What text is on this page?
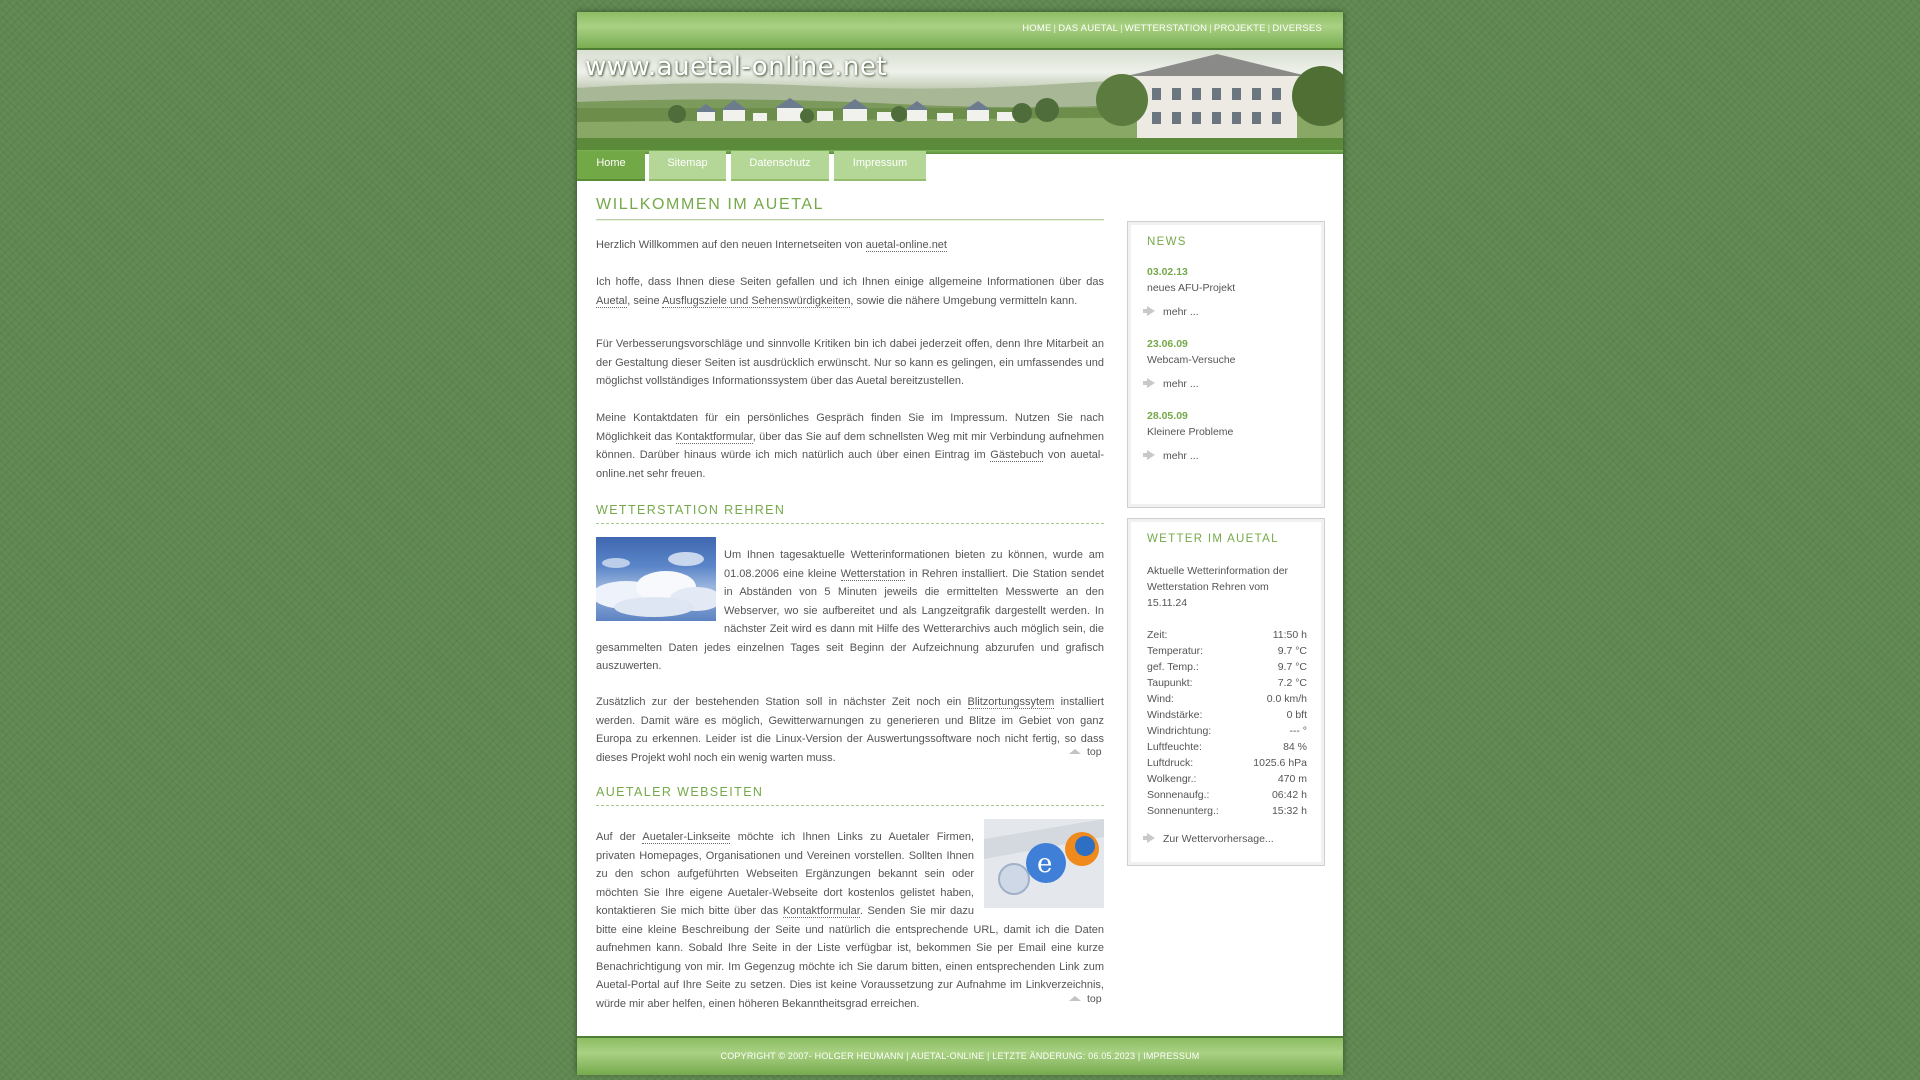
HOME | DAS AUETAL | WETTERSTATION | PROJEKTE | DIVERSES
www.auetal-online.net
Home	Sitemap	Datenschutz	Impressum
WILLKOMMEN IM AUETAL

Herzlich Willkommen auf den neuen Internetseiten von auetal-online.net

Ich hoffe, dass Ihnen diese Seiten gefallen und ich Ihnen einige allgemeine Informationen über das Auetal, seine Ausflugsziele und Sehenswürdigkeiten, sowie die nähere Umgebung vermitteln kann.

Für Verbesserungsvorschläge und sinnvolle Kritiken bin ich dabei jederzeit offen, denn Ihre Mitarbeit an der Gestaltung dieser Seiten ist ausdrücklich erwünscht. Nur so kann es gelingen, ein umfassendes und möglichst vollständiges Informationssystem über das Auetal bereitzustellen.

Meine Kontaktdaten für ein persönliches Gespräch finden Sie im Impressum. Nutzen Sie nach Möglichkeit das Kontaktformular, über das Sie auf dem schnellsten Weg mit mir Verbindung aufnehmen können. Darüber hinaus würde ich mich natürlich auch über einen Eintrag im Gästebuch von auetal-online.net sehr freuen.

WETTERSTATION REHREN

Um Ihnen tagesaktuelle Wetterinformationen bieten zu können, wurde am 01.08.2006 eine kleine Wetterstation in Rehren installiert. Die Station sendet in Abständen von 5 Minuten jeweils die ermittelten Messwerte an den Webserver, wo sie aufbereitet und als Langzeitgrafik dargestellt werden. In nächster Zeit wird es dann mit Hilfe des Wetterarchivs auch möglich sein, die gesammelten Daten jedes einzelnen Tages seit Beginn der Aufzeichnung abzurufen und grafisch auszuwerten.

Zusätzlich zur der bestehenden Station soll in nächster Zeit noch ein Blitzortungssytem installiert werden. Damit wäre es möglich, Gewitterwarnungen zu generieren und Blitze im Gebiet von ganz Europa zu erkennen. Leider ist die Linux-Version der Auswertungssoftware noch nicht fertig, so dass dieses Projekt wohl noch ein wenig warten muss.	top
AUETALER WEBSEITEN
e

Auf der Auetaler-Linkseite möchte ich Ihnen Links zu Auetaler Firmen, privaten Homepages, Organisationen und Vereinen vorstellen. Sollten Ihnen zu den schon aufgeführten Webseiten Ergänzungen bekannt sein oder möchten Sie Ihre eigene Auetaler-Webseite dort kostenlos gelistet haben, kontaktieren Sie mich bitte über das Kontaktformular. Senden Sie mir dazu bitte eine kleine Beschreibung der Seite und natürlich die entsprechende URL, damit ich die Daten aufnehmen kann. Sobald Ihre Seite in der Liste verfügbar ist, bekommen Sie per Email eine kurze Benachrichtigung von mir. Im Gegenzug möchte ich Sie darum bitten, einen entsprechenden Link zum Auetal-Portal auf Ihre Seite zu setzen. Dies ist keine Voraussetzung zur Aufnahme im Linkverzeichnis, würde mir aber helfen, einen höheren Bekanntheitsgrad erreichen.	top
NEWS
03.02.13
neues AFU-Projekt
mehr ...
23.06.09
Webcam-Versuche
mehr ...
28.05.09
Kleinere Probleme
mehr ...
WETTER IM AUETAL
Aktuelle Wetterinformation der Wetterstation Rehren vom 15.11.24
Zeit:	11:50 h
Temperatur:	9.7 °C
gef. Temp.:	9.7 °C
Taupunkt:	7.2 °C
Wind:	0.0 km/h
Windstärke:	0 bft
Windrichtung:	--- °
Luftfeuchte:	84 %
Luftdruck:	1025.6 hPa
Wolkengr.:	470 m
Sonnenaufg.:	06:42 h
Sonnenunterg.:	15:32 h
Zur Wettervorhersage...
COPYRIGHT © 2007- HOLGER HEUMANN | AUETAL-ONLINE | LETZTE ÄNDERUNG: 06.05.2023 | IMPRESSUM
